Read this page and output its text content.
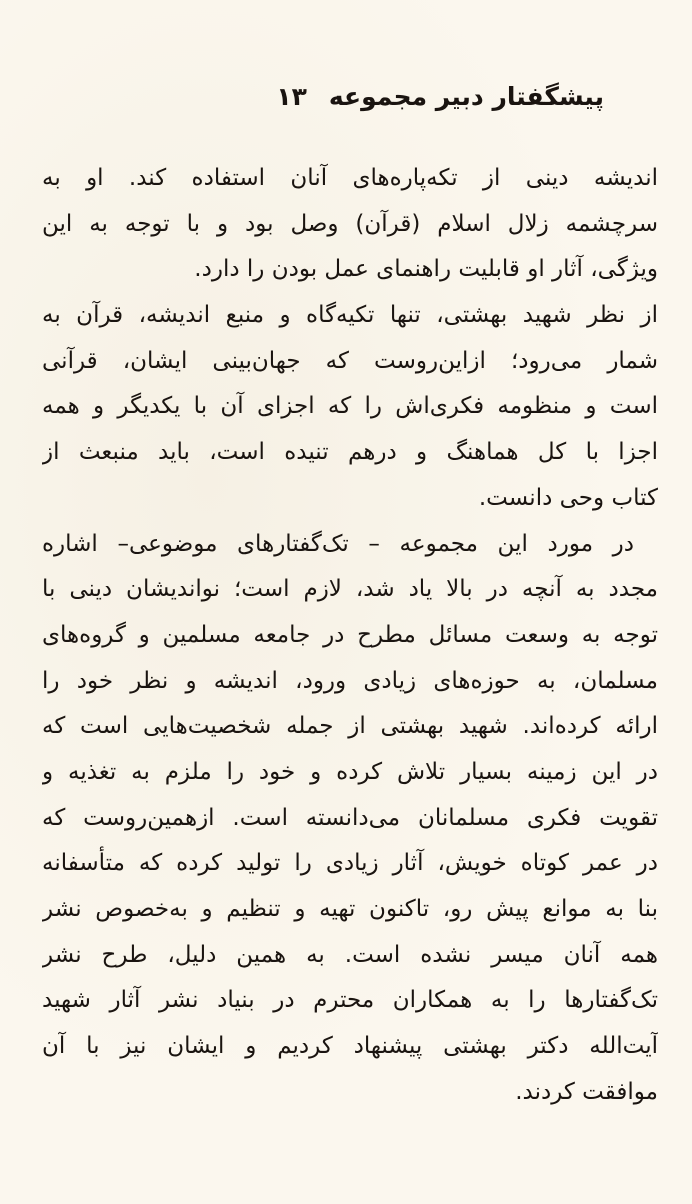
پیشگفتار دبیر مجموعه
۱۳
اندیشه دینی از تکه‌پاره‌های آنان استفاده کند. او به
سرچشمه زلال اسلام (قرآن) وصل بود و با توجه به این
ویژگی، آثار او قابلیت راهنمای عمل بودن را دارد.
از نظر شهید بهشتی، تنها تکیه‌گاه و منبع اندیشه، قرآن به
شمار می‌رود؛ ازاین‌روست که جهان‌بینی ایشان، قرآنی
است و منظومه فکری‌اش را که اجزای آن با یکدیگر و همه
اجزا با کل هماهنگ و درهم تنیده است، باید منبعث از
کتاب وحی دانست.
در مورد این مجموعه – تک‌گفتارهای موضوعی– اشاره
مجدد به آنچه در بالا یاد شد، لازم است؛ نواندیشان دینی با
توجه به وسعت مسائل مطرح در جامعه مسلمین و گروه‌های
مسلمان، به حوزه‌های زیادی ورود، اندیشه و نظر خود را
ارائه کرده‌اند. شهید بهشتی از جمله شخصیت‌هایی است که
در این زمینه بسیار تلاش کرده و خود را ملزم به تغذیه و
تقویت فکری مسلمانان می‌دانسته است. ازهمین‌روست که
در عمر کوتاه خویش، آثار زیادی را تولید کرده که متأسفانه
بنا به موانع پیش رو، تاکنون تهیه و تنظیم و به‌خصوص نشر
همه آنان میسر نشده است. به همین دلیل، طرح نشر
تک‌گفتارها را به همکاران محترم در بنیاد نشر آثار شهید
آیت‌الله دکتر بهشتی پیشنهاد کردیم و ایشان نیز با آن
موافقت کردند.
